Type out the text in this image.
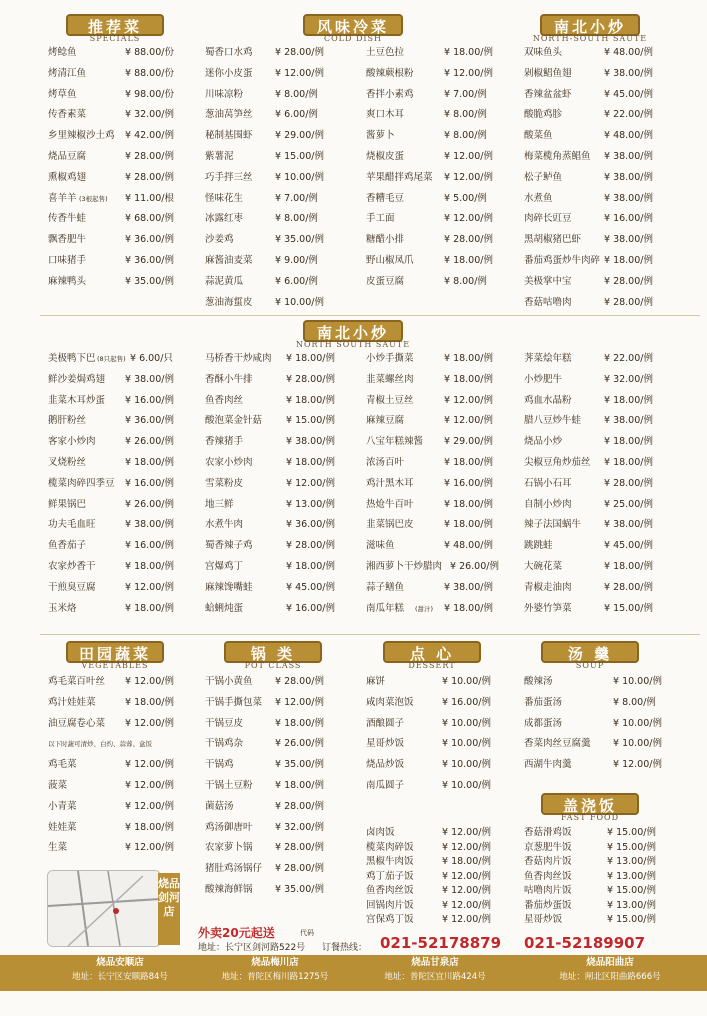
推荐菜
SPECIALS
风味冷菜
COLD DISH
南北小炒
NORTH-SOUTH SAUTE
烤鲶鱼	¥ 88.00/份
烤清江鱼	¥ 88.00/份
烤草鱼	¥ 98.00/份
传香素菜	¥ 32.00/例
乡里辣椒沙土鸡 ¥ 42.00/例
烧品豆腐	¥ 28.00/例
熏椒鸡翅	¥ 28.00/例
喜羊羊 (3根起售) ¥ 11.00/根
传香牛蛙	¥ 68.00/例
飘香肥牛	¥ 36.00/例
口味猪手	¥ 36.00/例
麻辣鸭头	¥ 35.00/例
蜀香口水鸡 ¥ 28.00/例
迷你小皮蛋 ¥ 12.00/例
川味凉粉	¥ 8.00/例
葱油莴笋丝 ¥ 6.00/例
秘制基围虾 ¥ 29.00/例
紫薯泥	¥ 15.00/例
巧手拌三丝 ¥ 10.00/例
怪味花生	¥ 7.00/例
冰露红枣	¥ 8.00/例
沙姜鸡	¥ 35.00/例
麻酱油麦菜 ¥ 9.00/例
蒜泥黄瓜	¥ 6.00/例
葱油海蜇皮 ¥ 10.00/例
土豆色拉	¥ 18.00/例
酸辣蕨根粉	¥ 12.00/例
香拌小素鸡	¥ 7.00/例
爽口木耳	¥ 8.00/例
酱萝卜	¥ 8.00/例
烧椒皮蛋	¥ 12.00/例
苹果醋拌鸡尾菜 ¥ 12.00/例
香糟毛豆	¥ 5.00/例
手工面	¥ 12.00/例
糖醋小排	¥ 28.00/例
野山椒凤爪	¥ 18.00/例
皮蛋豆腐	¥ 8.00/例
双味鱼头	¥ 48.00/例
剁椒鲳鱼翅	¥ 38.00/例
香辣盆盆虾	¥ 45.00/例
酸脆鸡胗	¥ 22.00/例
酸菜鱼	¥ 48.00/例
梅菜榄角蒸鲳鱼 ¥ 38.00/例
松子鲈鱼	¥ 38.00/例
水煮鱼	¥ 38.00/例
肉碎长豇豆	¥ 16.00/例
黑胡椒猪巴虾 ¥ 38.00/例
番茄鸡蛋炒牛肉碎 ¥ 18.00/例
美极掌中宝	¥ 28.00/例
香菇咕噜肉	¥ 28.00/例
南北小炒
NORTH SOUTH SAUTE
美极鸭下巴 (8只起售) ¥ 6.00/只
鲜沙姜焗鸡翅 ¥ 38.00/例
韭菜木耳炒蛋 ¥ 16.00/例
鹅肝粉丝	¥ 36.00/例
客家小炒肉	¥ 26.00/例
叉烧粉丝	¥ 18.00/例
榄菜肉碎四季豆 ¥ 16.00/例
鲜果锅巴	¥ 26.00/例
功夫毛血旺	¥ 38.00/例
鱼香茄子	¥ 16.00/例
农家炒香干	¥ 18.00/例
干煎臭豆腐	¥ 12.00/例
玉米烙	¥ 18.00/例
马桥香干炒咸肉 ¥ 18.00/例
香酥小牛排	¥ 28.00/例
鱼香肉丝	¥ 18.00/例
酸泡菜金针菇	¥ 15.00/例
香辣猪手	¥ 38.00/例
农家小炒肉	¥ 18.00/例
雪菜粉皮	¥ 12.00/例
地三鲜	¥ 13.00/例
水煮牛肉	¥ 36.00/例
蜀香辣子鸡	¥ 28.00/例
宫爆鸡丁	¥ 18.00/例
麻辣馋嘴蛙	¥ 45.00/例
蛤蜊炖蛋	¥ 16.00/例
小炒手撕菜	¥ 18.00/例
韭菜螺丝肉	¥ 18.00/例
青椒土豆丝	¥ 12.00/例
麻辣豆腐	¥ 12.00/例
八宝年糕辣酱 ¥ 29.00/例
浓汤百叶	¥ 18.00/例
鸡汁黑木耳	¥ 16.00/例
热炝牛百叶	¥ 18.00/例
韭菜锅巴皮	¥ 18.00/例
滋味鱼	¥ 48.00/例
湘西萝卜干炒腊肉 ¥ 26.00/例
蒜子鳝鱼	¥ 38.00/例
南瓜年糕 (甜汁) ¥ 18.00/例
荠菜烩年糕	¥ 22.00/例
小炒肥牛	¥ 32.00/例
鸡血水晶粉	¥ 18.00/例
腊八豆炒牛蛙 ¥ 38.00/例
烧品小炒	¥ 18.00/例
尖椒豆角炒茄丝 ¥ 18.00/例
石锅小石耳	¥ 28.00/例
自制小炒肉	¥ 25.00/例
辣子法国蜗牛 ¥ 38.00/例
跳跳蛙	¥ 45.00/例
大碗花菜	¥ 18.00/例
青椒走油肉	¥ 28.00/例
外婆竹笋菜	¥ 15.00/例
田园蔬菜
VEGETABLES
锅 类
POT CLASS
点 心
DESSERT
汤 羹
SOUP
鸡毛菜百叶丝 ¥ 12.00/例
鸡汁娃娃菜	¥ 18.00/例
油豆腐卷心菜 ¥ 12.00/例
以下时蔬可清炒、白灼、蒜蓉、盒饭
鸡毛菜	¥ 12.00/例
菠菜	¥ 12.00/例
小青菜	¥ 12.00/例
娃娃菜	¥ 18.00/例
生菜	¥ 12.00/例
干锅小黄鱼 ¥ 28.00/例
干锅手撕包菜 ¥ 12.00/例
干锅豆皮	¥ 18.00/例
干锅鸡杂	¥ 26.00/例
干锅鸡	¥ 35.00/例
干锅土豆粉 ¥ 18.00/例
菌菇汤	¥ 28.00/例
鸡汤御唐叶 ¥ 32.00/例
农家萝卜锅 ¥ 28.00/例
猪肚鸡汤锅仔 ¥ 28.00/例
酸辣海鲜锅 ¥ 35.00/例
麻饼	¥ 10.00/例
咸肉菜泡饭	¥ 16.00/例
酒酿圆子	¥ 10.00/例
星哥炒饭	¥ 10.00/例
烧品炒饭	¥ 10.00/例
南瓜圆子	¥ 10.00/例
卤肉饭	¥ 12.00/例
榄菜肉碎饭	¥ 12.00/例
黑椒牛肉饭	¥ 18.00/例
鸡丁茄子饭	¥ 12.00/例
鱼香肉丝饭	¥ 12.00/例
回锅肉片饭	¥ 12.00/例
宫保鸡丁饭	¥ 12.00/例
酸辣汤	¥ 10.00/例
番茄蛋汤	¥ 8.00/例
成都蛋汤	¥ 10.00/例
香菜肉丝豆腐羹 ¥ 10.00/例
西湖牛肉羹	¥ 12.00/例
盖浇饭
FAST FOOD
香菇滑鸡饭	¥ 15.00/例
京葱肥牛饭	¥ 15.00/例
香菇肉片饭	¥ 13.00/例
鱼香肉丝饭	¥ 13.00/例
咕噜肉片饭	¥ 15.00/例
番茄炒蛋饭	¥ 13.00/例
星哥炒饭	¥ 15.00/例
烧品剑河店
外卖20元起送	代码
地址：长宁区剑河路522号 订餐热线： 021-52178879 021-52189907
烧品安顺店
地址：长宁区安顺路84号
烧品梅川店
地址：普陀区梅川路1275号
烧品甘泉店
地址：普陀区宜川路424号
烧品阳曲店
地址：闸北区阳曲路666号
